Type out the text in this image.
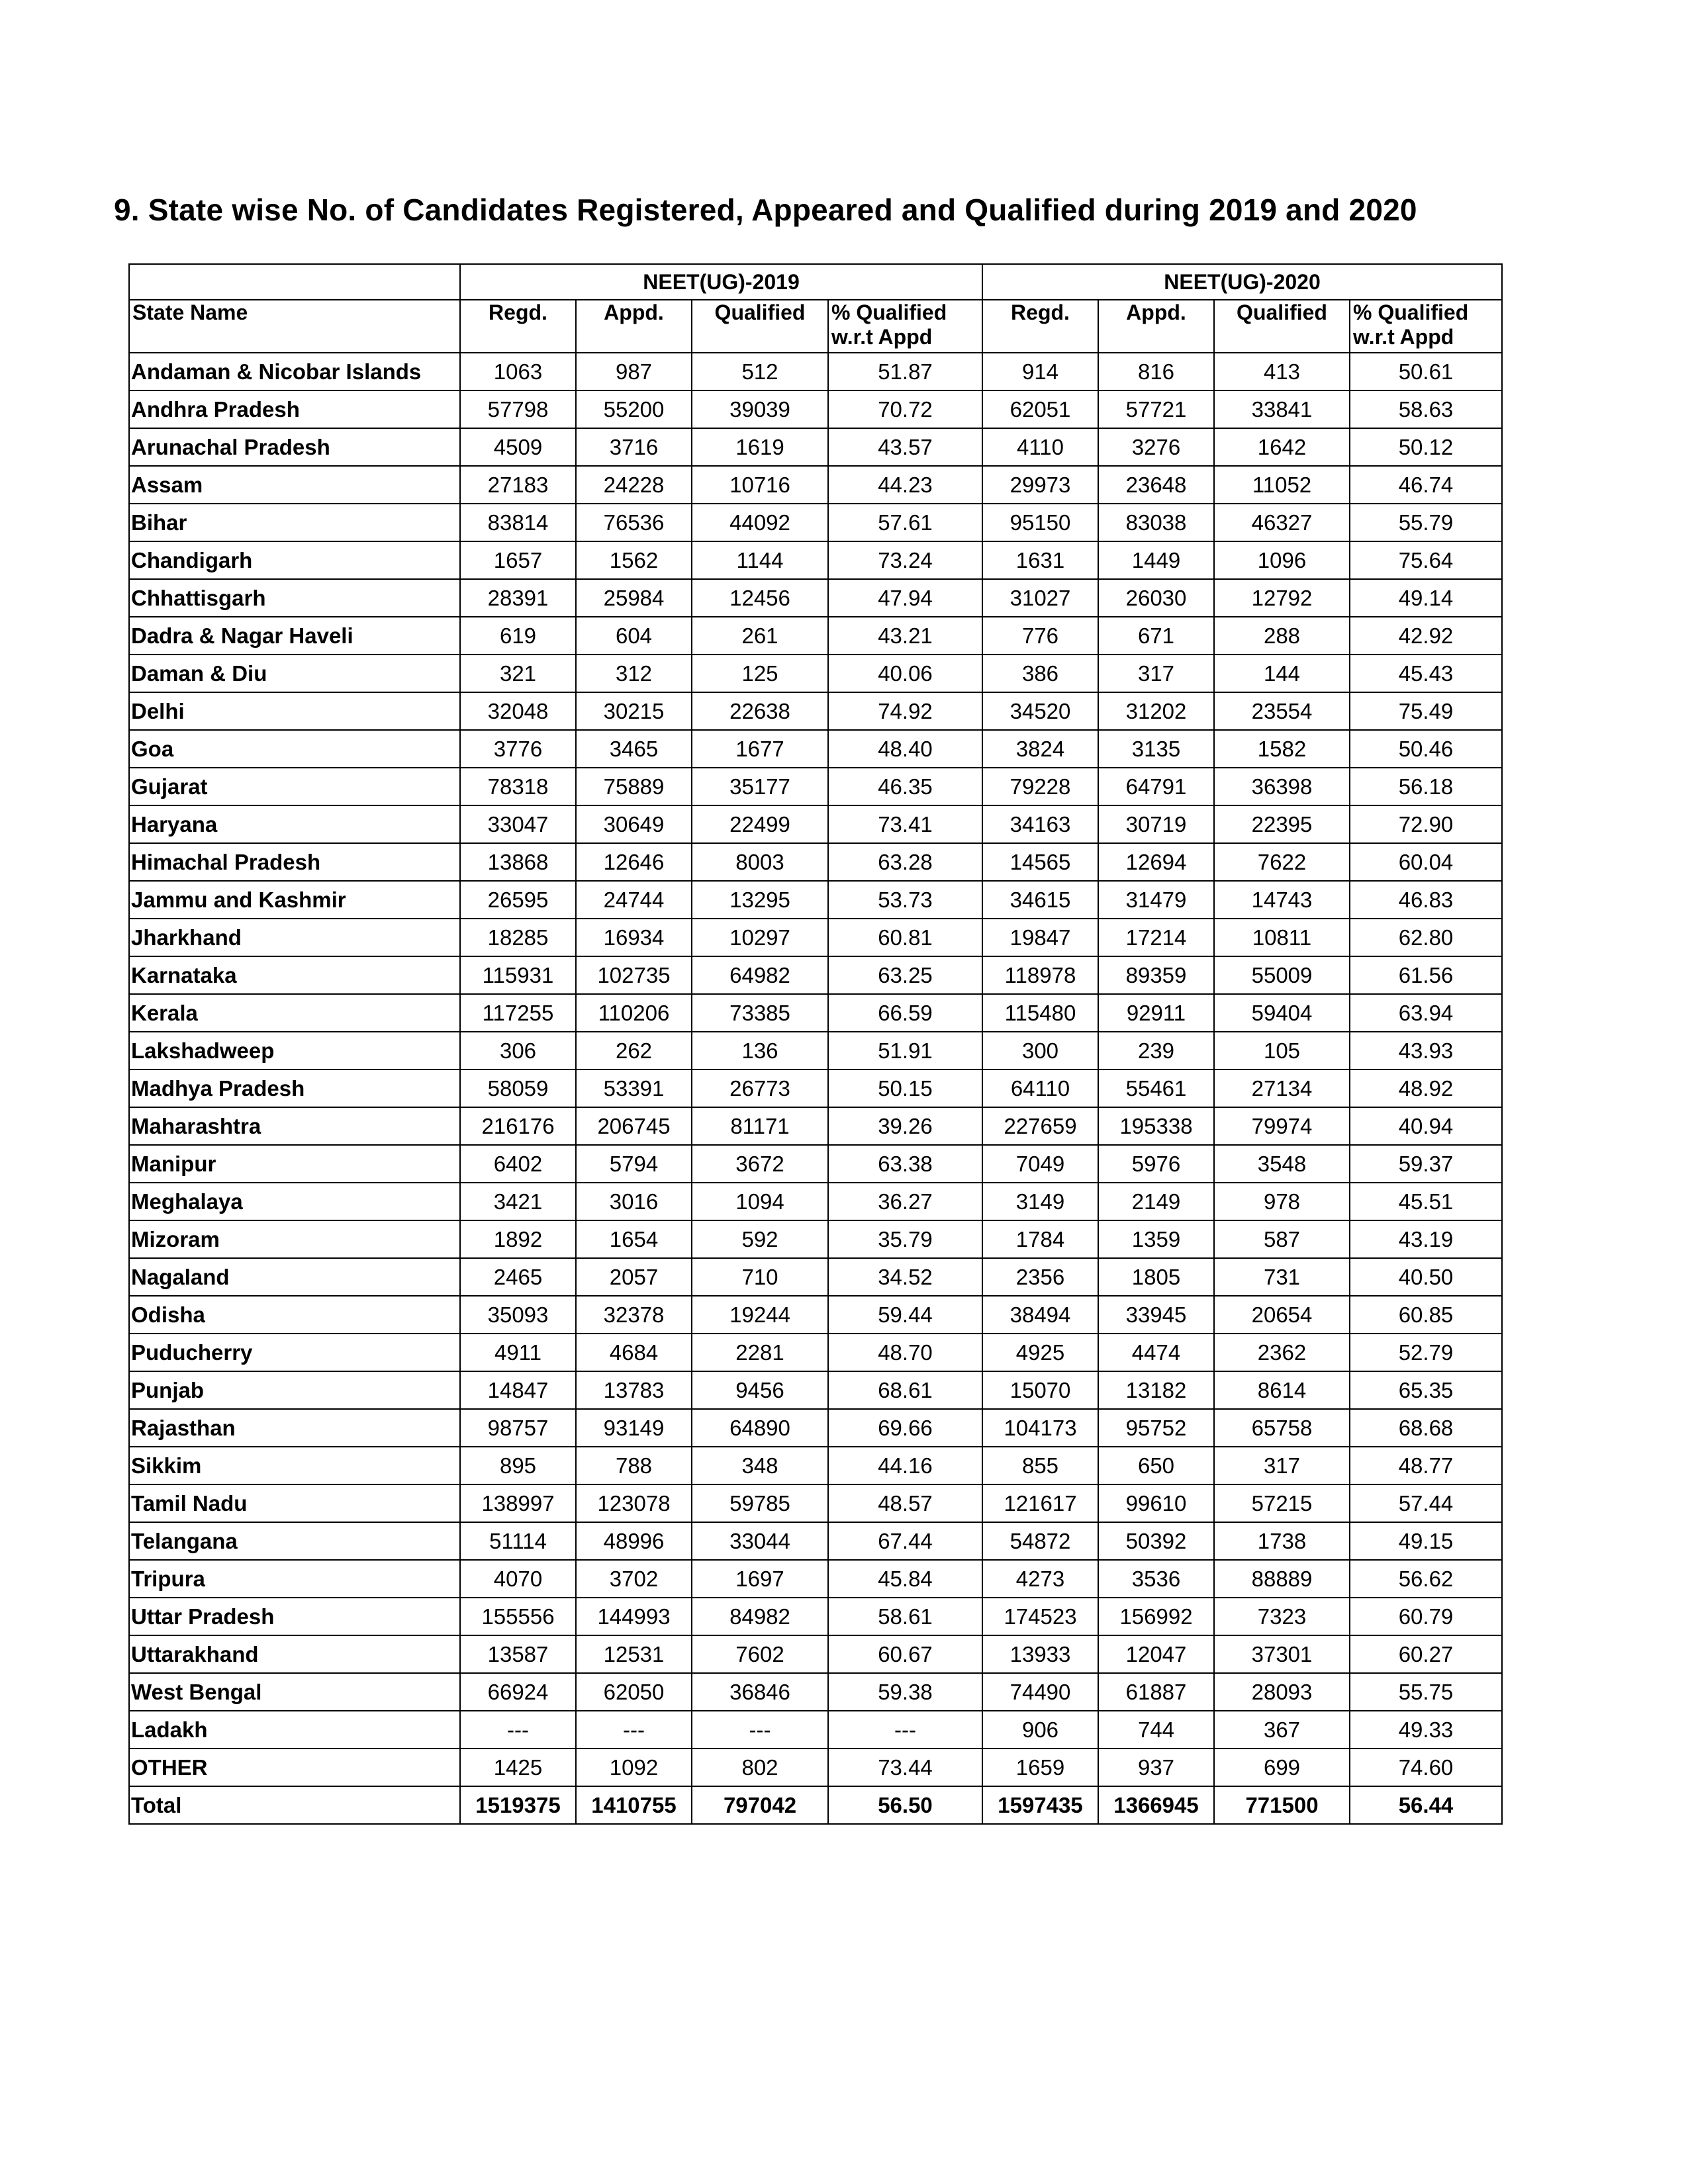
9. State wise No. of Candidates Registered, Appeared and Qualified during 2019 and 2020
	NEET(UG)-2019				NEET(UG)-2020			
State Name	Regd.	Appd.	Qualified	% Qualified w.r.t Appd	Regd.	Appd.	Qualified	% Qualified w.r.t Appd
Andaman & Nicobar Islands	1063	987	512	51.87	914	816	413	50.61
Andhra Pradesh	57798	55200	39039	70.72	62051	57721	33841	58.63
Arunachal Pradesh	4509	3716	1619	43.57	4110	3276	1642	50.12
Assam	27183	24228	10716	44.23	29973	23648	11052	46.74
Bihar	83814	76536	44092	57.61	95150	83038	46327	55.79
Chandigarh	1657	1562	1144	73.24	1631	1449	1096	75.64
Chhattisgarh	28391	25984	12456	47.94	31027	26030	12792	49.14
Dadra & Nagar Haveli	619	604	261	43.21	776	671	288	42.92
Daman & Diu	321	312	125	40.06	386	317	144	45.43
Delhi	32048	30215	22638	74.92	34520	31202	23554	75.49
Goa	3776	3465	1677	48.40	3824	3135	1582	50.46
Gujarat	78318	75889	35177	46.35	79228	64791	36398	56.18
Haryana	33047	30649	22499	73.41	34163	30719	22395	72.90
Himachal Pradesh	13868	12646	8003	63.28	14565	12694	7622	60.04
Jammu and Kashmir	26595	24744	13295	53.73	34615	31479	14743	46.83
Jharkhand	18285	16934	10297	60.81	19847	17214	10811	62.80
Karnataka	115931	102735	64982	63.25	118978	89359	55009	61.56
Kerala	117255	110206	73385	66.59	115480	92911	59404	63.94
Lakshadweep	306	262	136	51.91	300	239	105	43.93
Madhya Pradesh	58059	53391	26773	50.15	64110	55461	27134	48.92
Maharashtra	216176	206745	81171	39.26	227659	195338	79974	40.94
Manipur	6402	5794	3672	63.38	7049	5976	3548	59.37
Meghalaya	3421	3016	1094	36.27	3149	2149	978	45.51
Mizoram	1892	1654	592	35.79	1784	1359	587	43.19
Nagaland	2465	2057	710	34.52	2356	1805	731	40.50
Odisha	35093	32378	19244	59.44	38494	33945	20654	60.85
Puducherry	4911	4684	2281	48.70	4925	4474	2362	52.79
Punjab	14847	13783	9456	68.61	15070	13182	8614	65.35
Rajasthan	98757	93149	64890	69.66	104173	95752	65758	68.68
Sikkim	895	788	348	44.16	855	650	317	48.77
Tamil Nadu	138997	123078	59785	48.57	121617	99610	57215	57.44
Telangana	51114	48996	33044	67.44	54872	50392	1738	49.15
Tripura	4070	3702	1697	45.84	4273	3536	88889	56.62
Uttar Pradesh	155556	144993	84982	58.61	174523	156992	7323	60.79
Uttarakhand	13587	12531	7602	60.67	13933	12047	37301	60.27
West Bengal	66924	62050	36846	59.38	74490	61887	28093	55.75
Ladakh	---	---	---	---	906	744	367	49.33
OTHER	1425	1092	802	73.44	1659	937	699	74.60
Total	1519375	1410755	797042	56.50	1597435	1366945	771500	56.44
